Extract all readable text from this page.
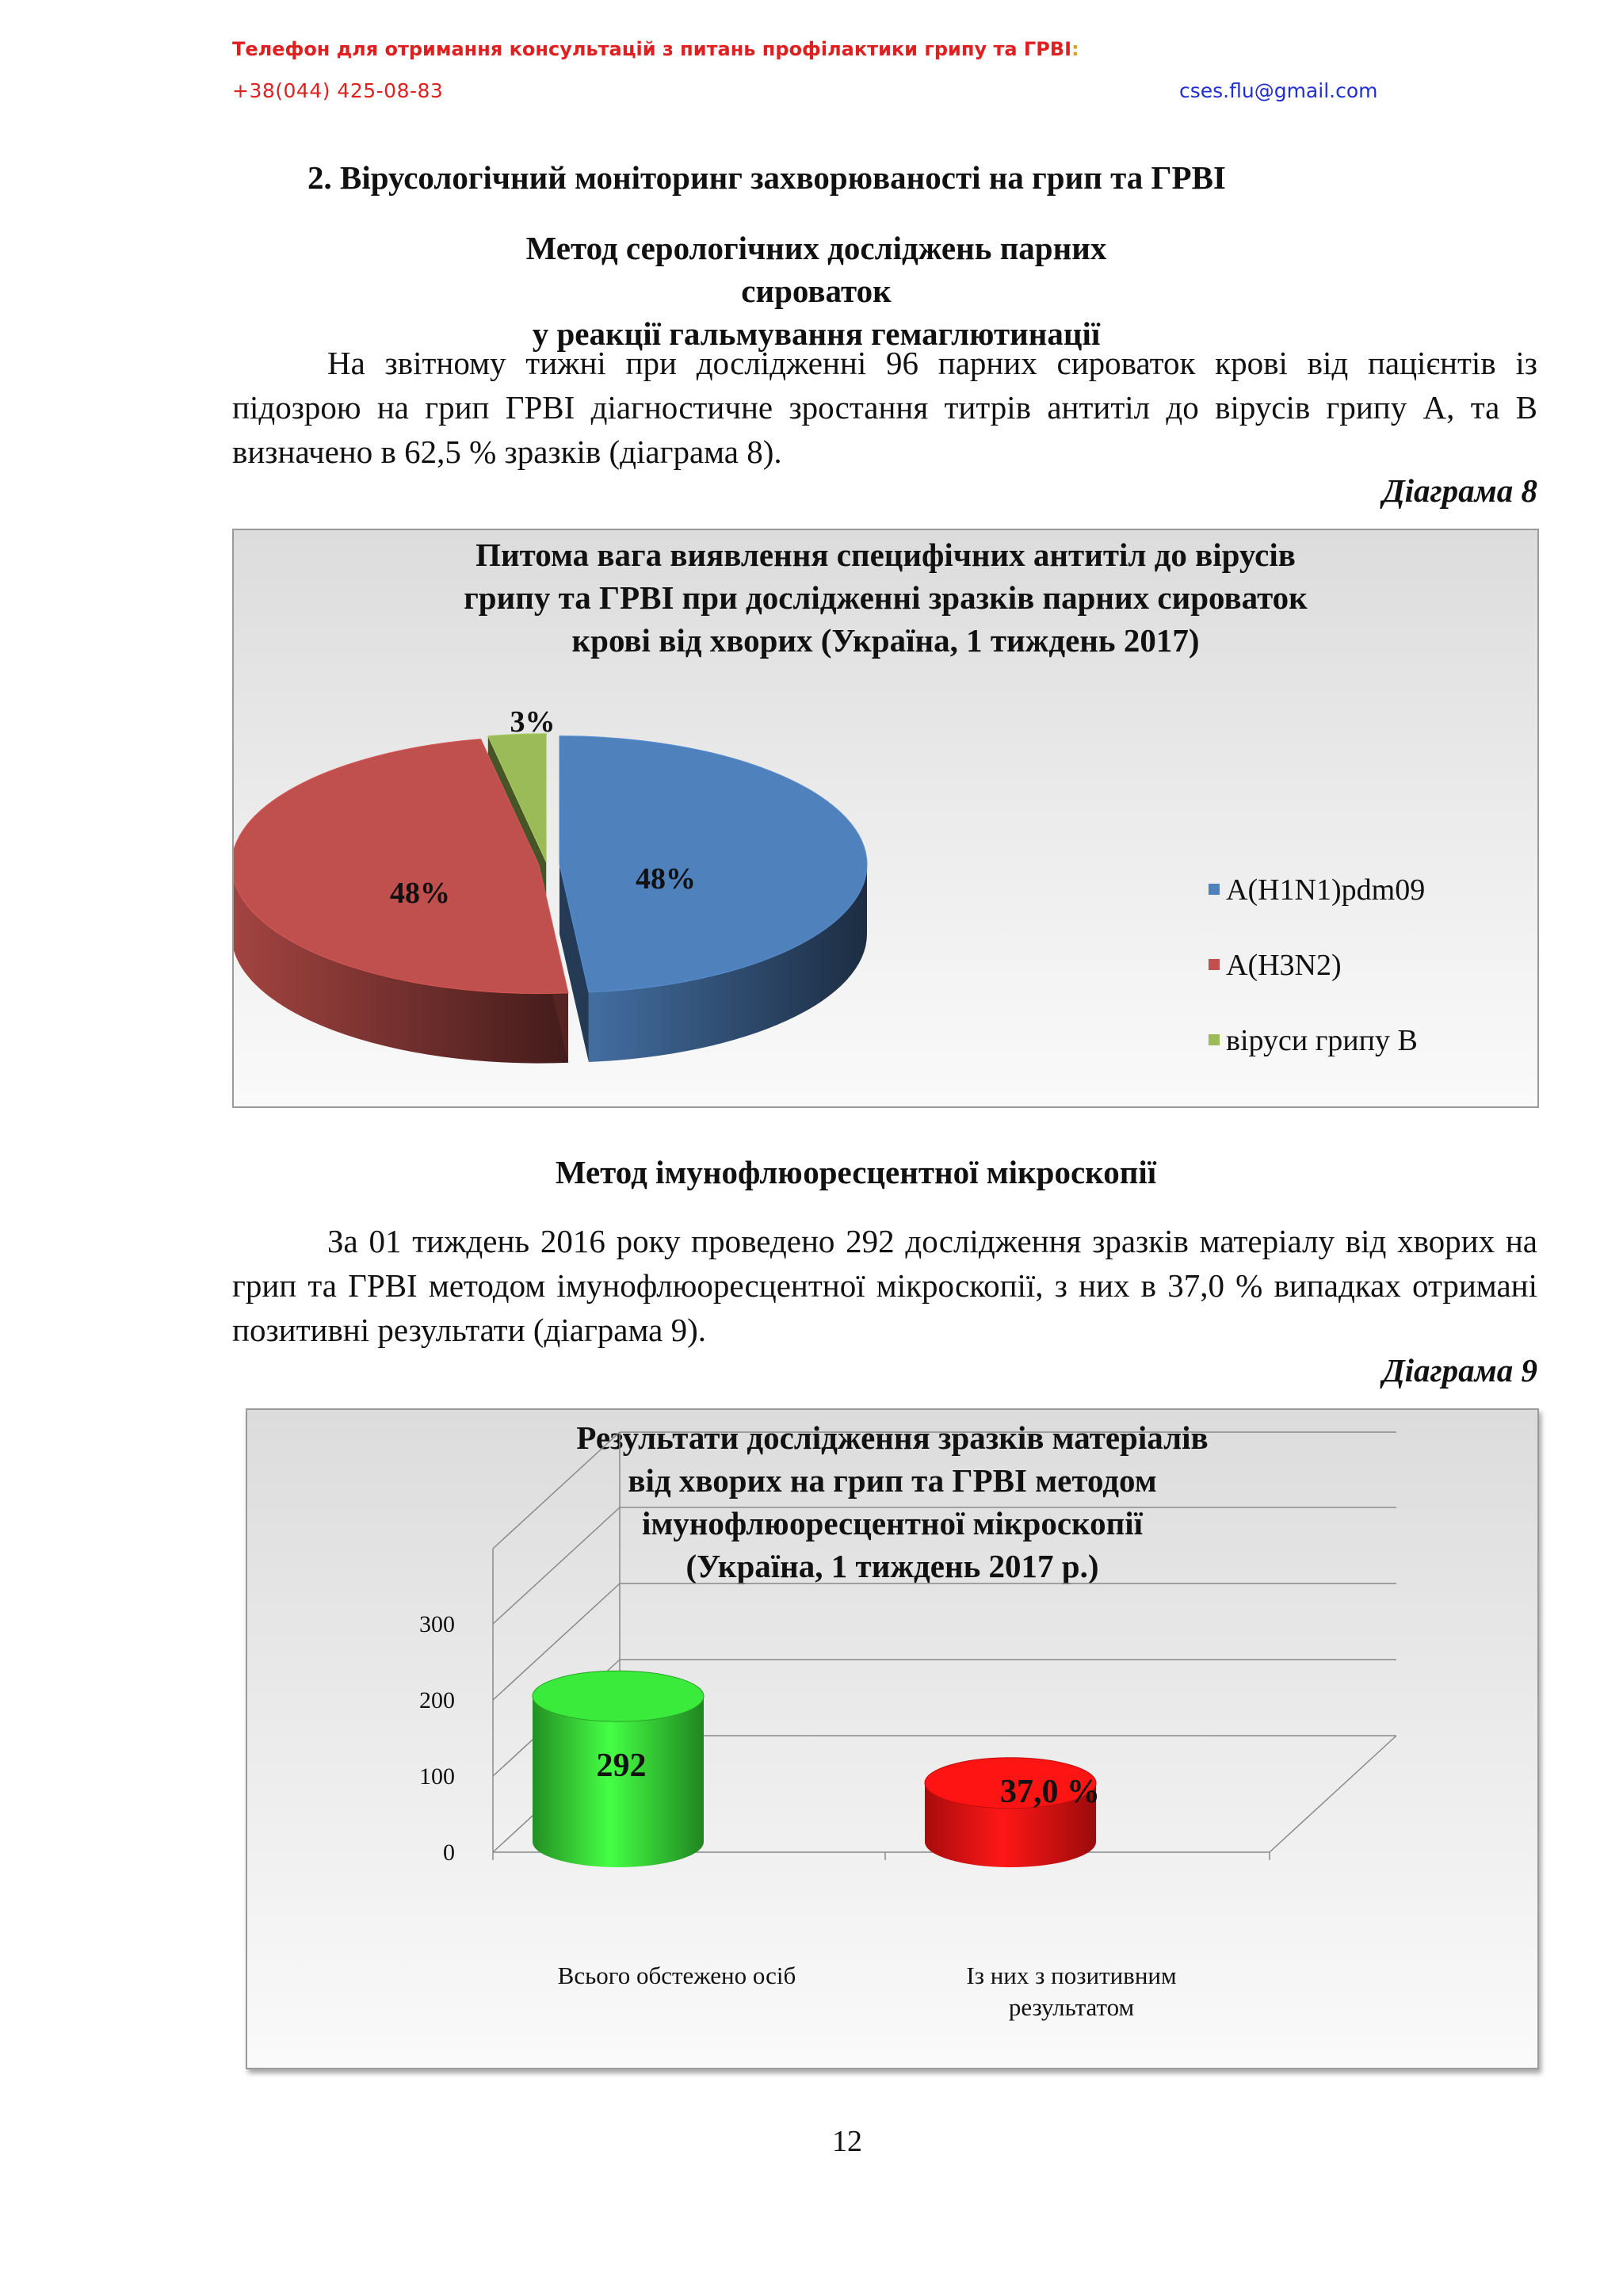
Телефон для отримання консультацій з питань профілактики грипу та ГРВІ:
+38(044) 425-08-83	cses.flu@gmail.com
2. Вірусологічний моніторинг захворюваності на грип та ГРВІ
Метод серологічних досліджень парних сироваток
у реакції гальмування гемаглютинації
На звітному тижні при дослідженні 96 парних сироваток крові від пацієнтів із підозрою на грип ГРВІ діагностичне зростання титрів антитіл до вірусів грипу А, та В визначено в 62,5 % зразків (діаграма 8).
Діаграма 8
Питома вага виявлення специфічних антитіл до вірусів
грипу та ГРВІ при дослідженні зразків парних сироваток
крові від хворих (Україна, 1 тиждень 2017)
48%
48%
3%
A(H1N1)pdm09
A(H3N2)
віруси грипу В
Метод імунофлюоресцентної мікроскопії
За 01 тиждень 2016 року проведено 292 дослідження зразків матеріалу від хворих на грип та ГРВІ методом імунофлюоресцентної мікроскопії, з них в 37,0 % випадках отримані позитивні результати (діаграма 9).
Діаграма 9
Результати дослідження зразків матеріалів
від хворих на грип та ГРВІ методом
імунофлюоресцентної мікроскопії
(Україна, 1 тиждень 2017 р.)
0
100
200
300
292
37,0 %
Всього обстежено осіб	Із них з позитивним
результатом
12
